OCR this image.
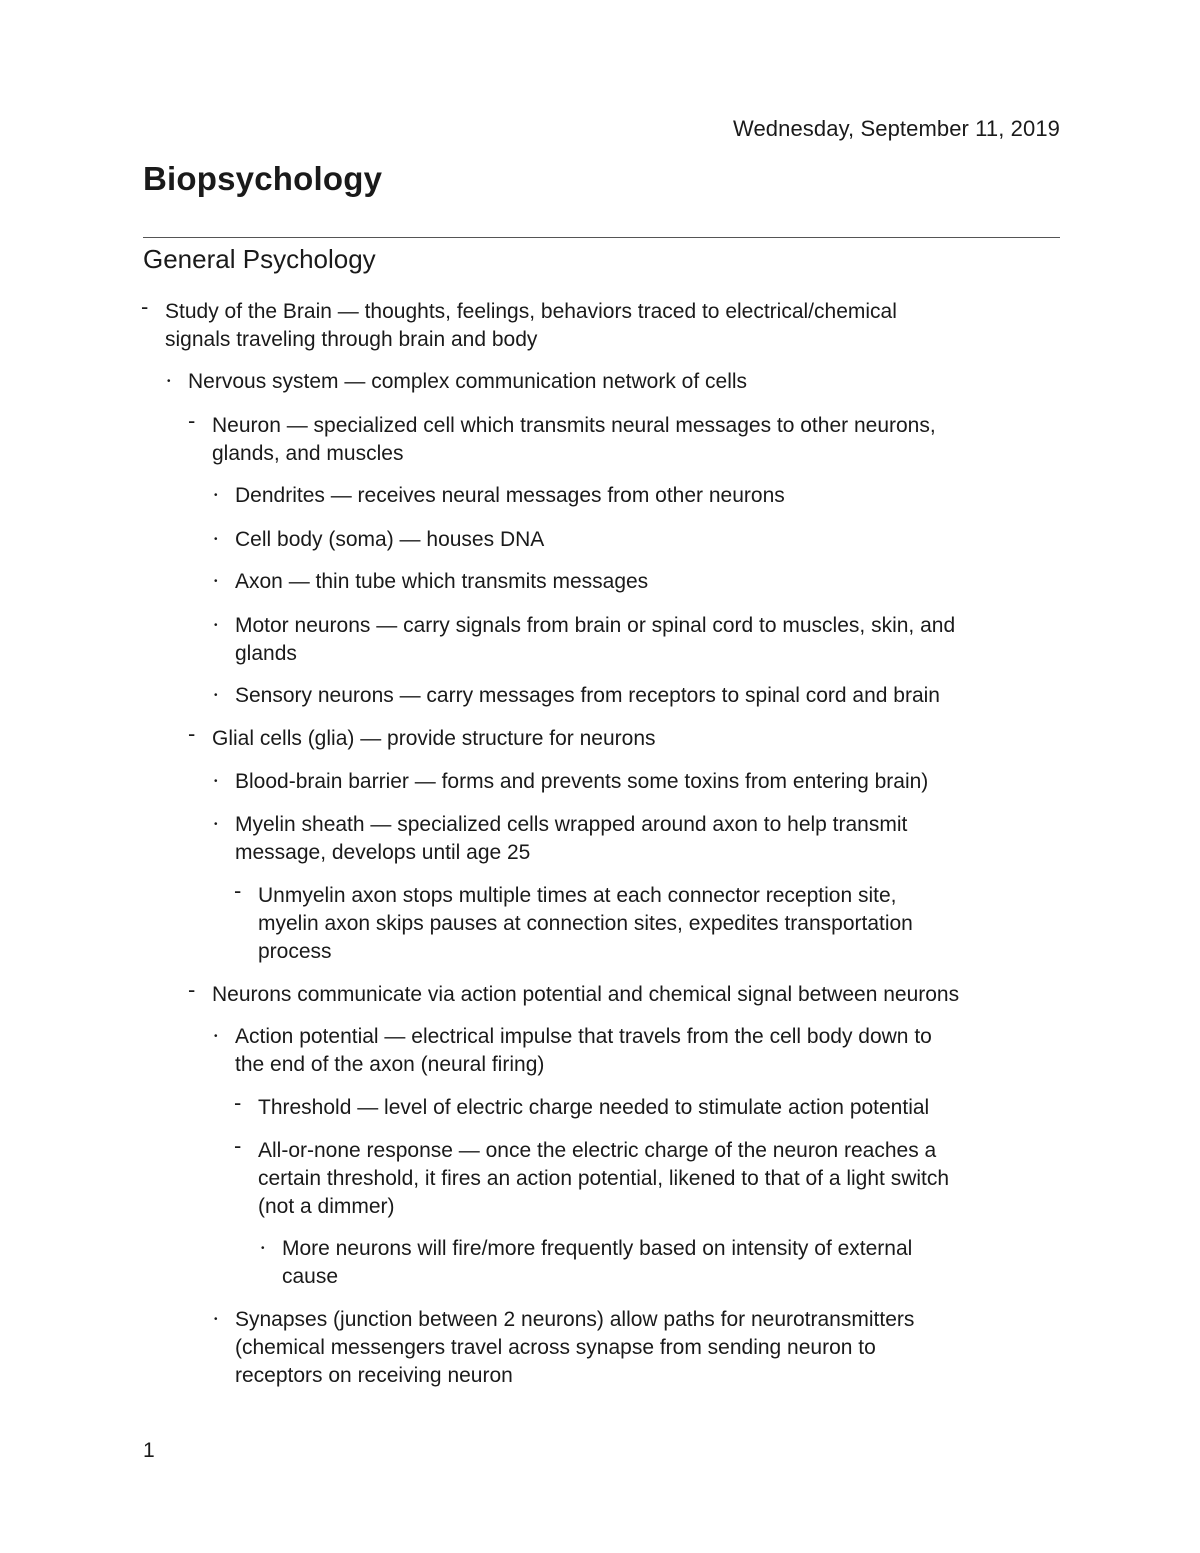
Wednesday, September 11, 2019
Biopsychology
General Psychology
- Study of the Brain — thoughts, feelings, behaviors traced to electrical/chemical
signals traveling through brain and body
• Nervous system — complex communication network of cells
- Neuron — specialized cell which transmits neural messages to other neurons,
glands, and muscles
• Dendrites — receives neural messages from other neurons
• Cell body (soma) — houses DNA
• Axon — thin tube which transmits messages
• Motor neurons — carry signals from brain or spinal cord to muscles, skin, and
glands
• Sensory neurons — carry messages from receptors to spinal cord and brain
- Glial cells (glia) — provide structure for neurons
• Blood-brain barrier — forms and prevents some toxins from entering brain)
• Myelin sheath — specialized cells wrapped around axon to help transmit
message, develops until age 25
- Unmyelin axon stops multiple times at each connector reception site,
myelin axon skips pauses at connection sites, expedites transportation
process
- Neurons communicate via action potential and chemical signal between neurons
• Action potential — electrical impulse that travels from the cell body down to
the end of the axon (neural firing)
- Threshold — level of electric charge needed to stimulate action potential
- All-or-none response — once the electric charge of the neuron reaches a
certain threshold, it fires an action potential, likened to that of a light switch
(not a dimmer)
• More neurons will fire/more frequently based on intensity of external
cause
• Synapses (junction between 2 neurons) allow paths for neurotransmitters
(chemical messengers travel across synapse from sending neuron to
receptors on receiving neuron
1
